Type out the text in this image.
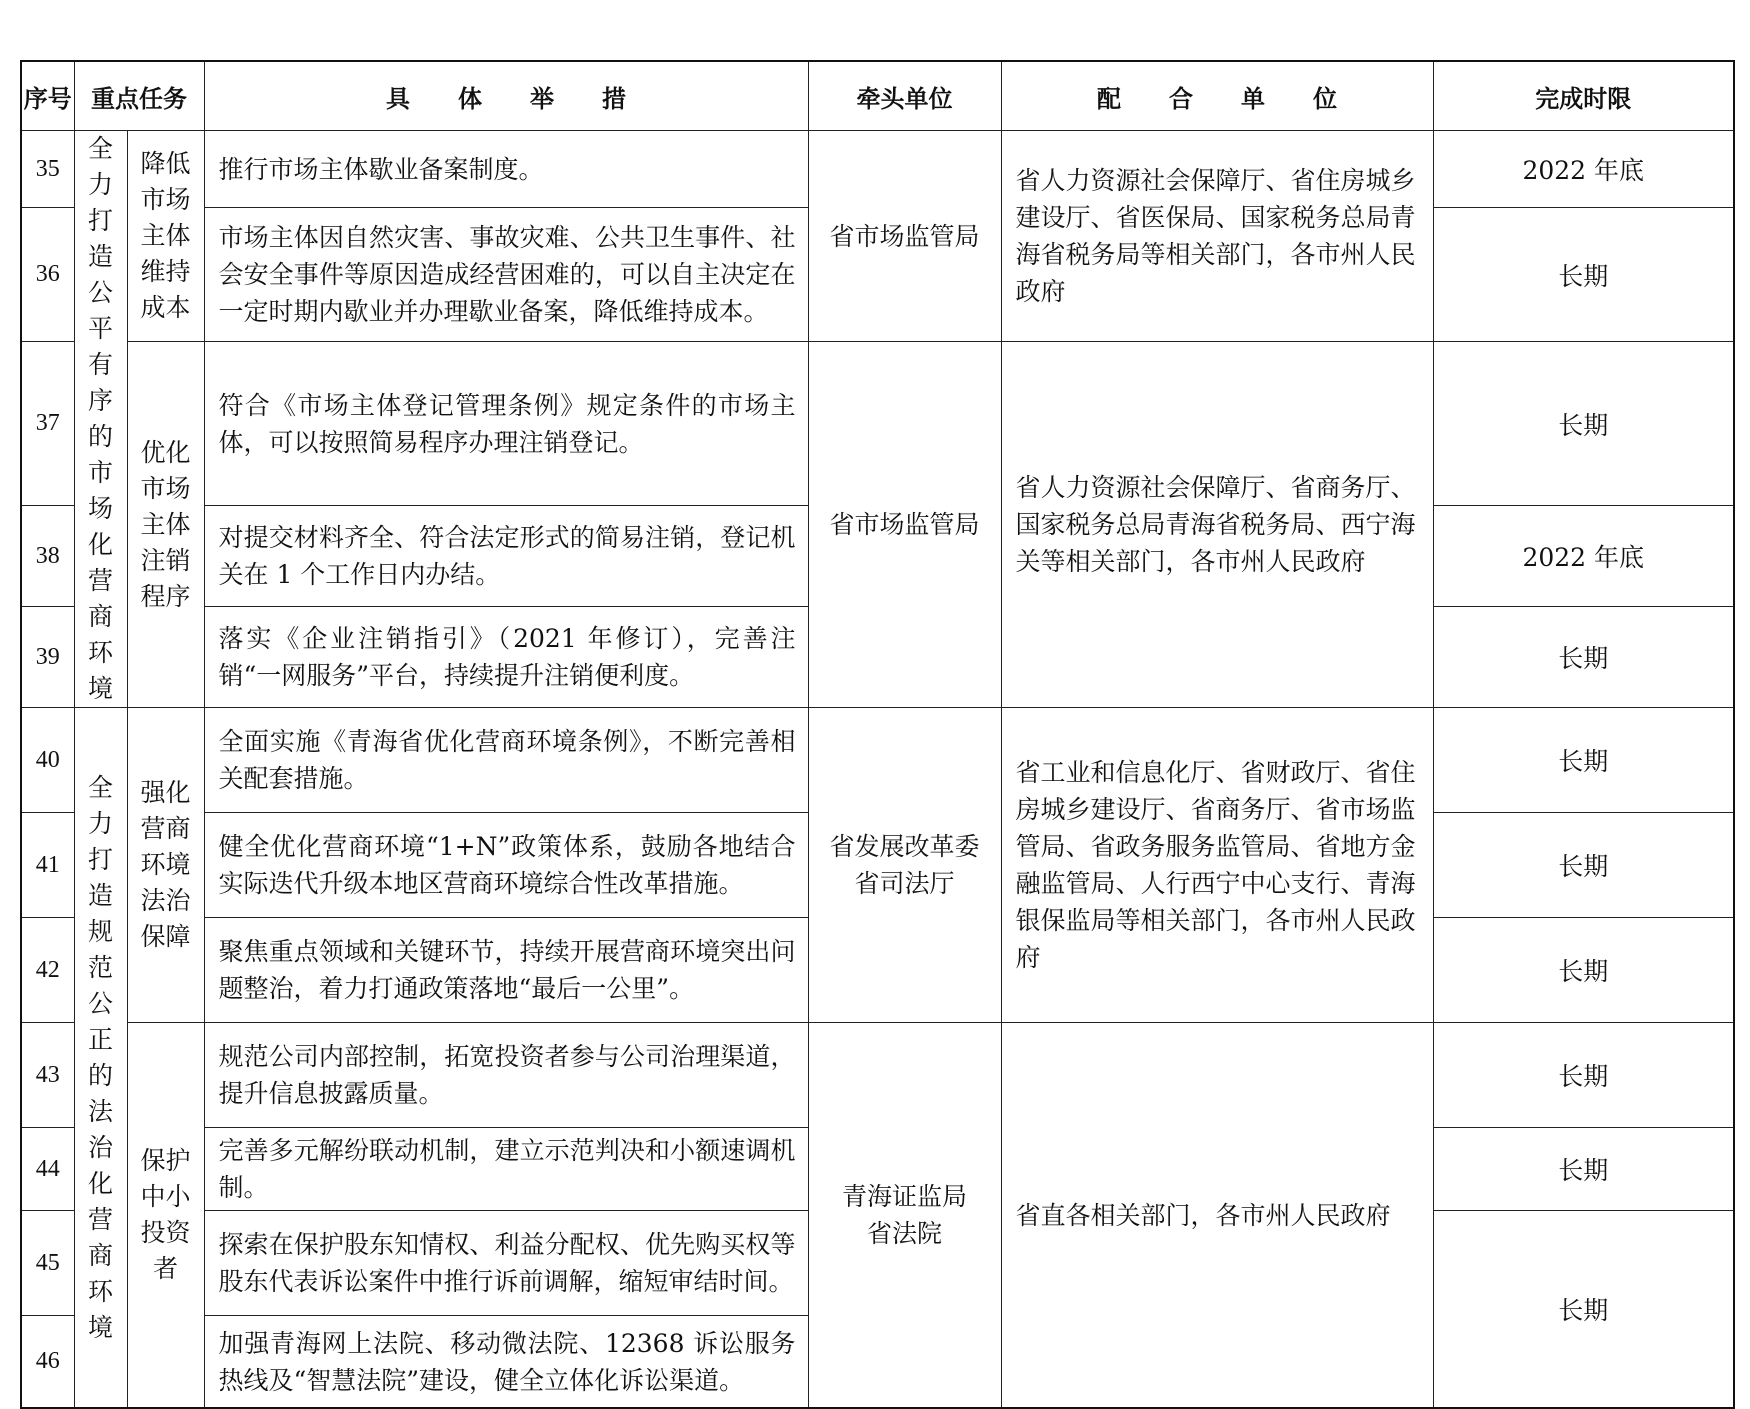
序号	重点任务		具　　体　　举　　措	牵头单位	配　　合　　单　　位	完成时限
35	全力打造公平有序的市场化营商环境	降低市场主体维持成本	推行市场主体歇业备案制度。	省市场监管局	省人力资源社会保障厅、省住房城乡建设厅、省医保局、国家税务总局青海省税务局等相关部门，各市州人民政府	2022 年底
36			市场主体因自然灾害、事故灾难、公共卫生事件、社会安全事件等原因造成经营困难的，可以自主决定在一定时期内歇业并办理歇业备案，降低维持成本。			长期
37		优化市场主体注销程序	符合《市场主体登记管理条例》规定条件的市场主体，可以按照简易程序办理注销登记。	省市场监管局	省人力资源社会保障厅、省商务厅、国家税务总局青海省税务局、西宁海关等相关部门，各市州人民政府	长期
38			对提交材料齐全、符合法定形式的简易注销，登记机关在 1 个工作日内办结。			2022 年底
39			落实《企业注销指引》（2021 年修订），完善注销“一网服务”平台，持续提升注销便利度。			长期
40	全力打造规范公正的法治化营商环境	强化营商环境法治保障	全面实施《青海省优化营商环境条例》，不断完善相关配套措施。	省发展改革委
省司法厅	省工业和信息化厅、省财政厅、省住房城乡建设厅、省商务厅、省市场监管局、省政务服务监管局、省地方金融监管局、人行西宁中心支行、青海银保监局等相关部门，各市州人民政府	长期
41			健全优化营商环境“1+N”政策体系，鼓励各地结合实际迭代升级本地区营商环境综合性改革措施。			长期
42			聚焦重点领域和关键环节，持续开展营商环境突出问题整治，着力打通政策落地“最后一公里”。			长期
43		保护中小投资者	规范公司内部控制，拓宽投资者参与公司治理渠道，提升信息披露质量。	青海证监局
省法院	省直各相关部门，各市州人民政府	长期
44			完善多元解纷联动机制，建立示范判决和小额速调机制。			长期
45			探索在保护股东知情权、利益分配权、优先购买权等股东代表诉讼案件中推行诉前调解，缩短审结时间。			长期
46			加强青海网上法院、移动微法院、12368 诉讼服务热线及“智慧法院”建设，健全立体化诉讼渠道。			
